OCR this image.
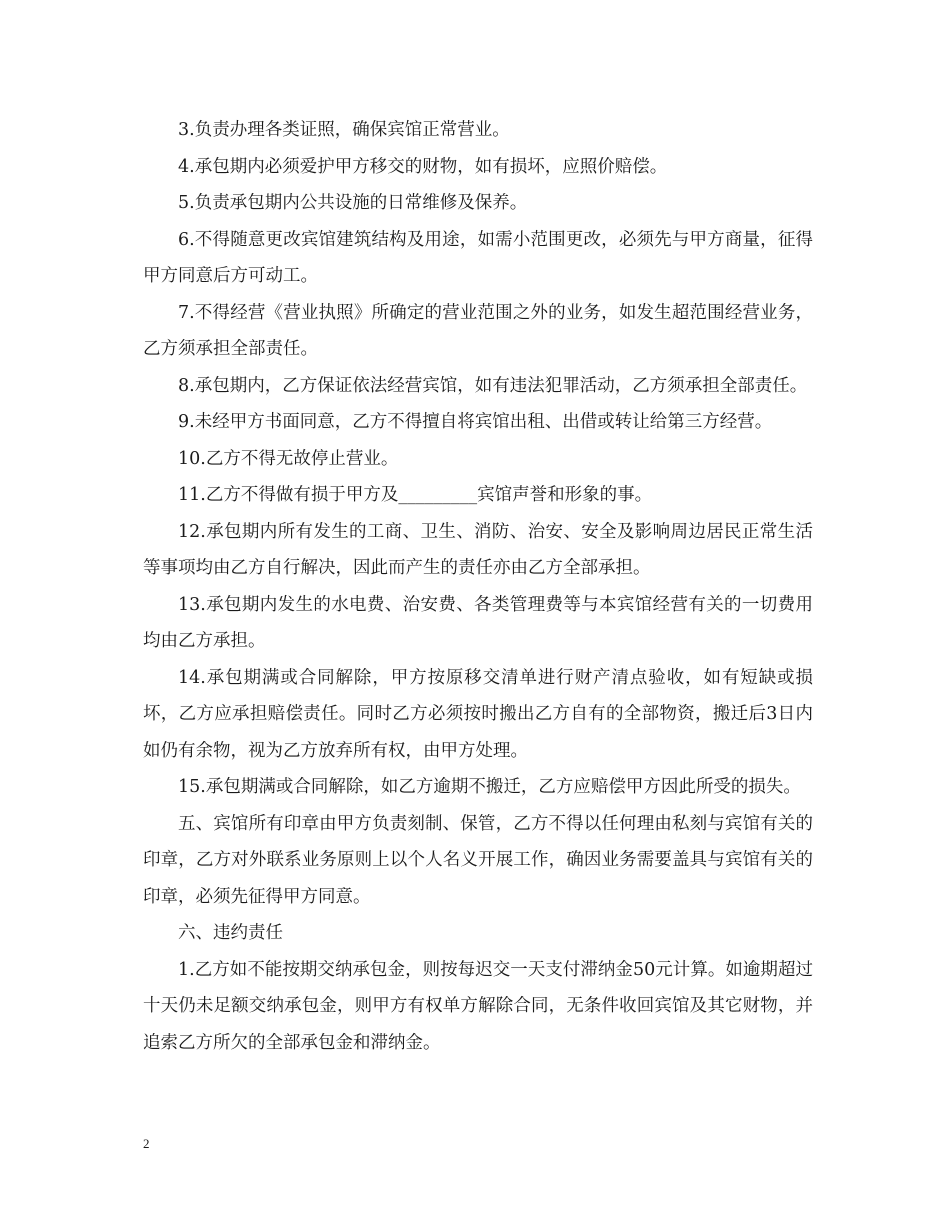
3.负责办理各类证照，确保宾馆正常营业。

4.承包期内必须爱护甲方移交的财物，如有损坏，应照价赔偿。

5.负责承包期内公共设施的日常维修及保养。

6.不得随意更改宾馆建筑结构及用途，如需小范围更改，必须先与甲方商量，征得甲方同意后方可动工。

7.不得经营《营业执照》所确定的营业范围之外的业务，如发生超范围经营业务，乙方须承担全部责任。

8.承包期内，乙方保证依法经营宾馆，如有违法犯罪活动，乙方须承担全部责任。

9.未经甲方书面同意，乙方不得擅自将宾馆出租、出借或转让给第三方经营。

10.乙方不得无故停止营业。

11.乙方不得做有损于甲方及_________宾馆声誉和形象的事。

12.承包期内所有发生的工商、卫生、消防、治安、安全及影响周边居民正常生活等事项均由乙方自行解决，因此而产生的责任亦由乙方全部承担。

13.承包期内发生的水电费、治安费、各类管理费等与本宾馆经营有关的一切费用均由乙方承担。

14.承包期满或合同解除，甲方按原移交清单进行财产清点验收，如有短缺或损坏，乙方应承担赔偿责任。同时乙方必须按时搬出乙方自有的全部物资，搬迁后3日内如仍有余物，视为乙方放弃所有权，由甲方处理。

15.承包期满或合同解除，如乙方逾期不搬迁，乙方应赔偿甲方因此所受的损失。

五、宾馆所有印章由甲方负责刻制、保管，乙方不得以任何理由私刻与宾馆有关的印章，乙方对外联系业务原则上以个人名义开展工作，确因业务需要盖具与宾馆有关的印章，必须先征得甲方同意。

六、违约责任

1.乙方如不能按期交纳承包金，则按每迟交一天支付滞纳金50元计算。如逾期超过十天仍未足额交纳承包金，则甲方有权单方解除合同，无条件收回宾馆及其它财物，并追索乙方所欠的全部承包金和滞纳金。

2
